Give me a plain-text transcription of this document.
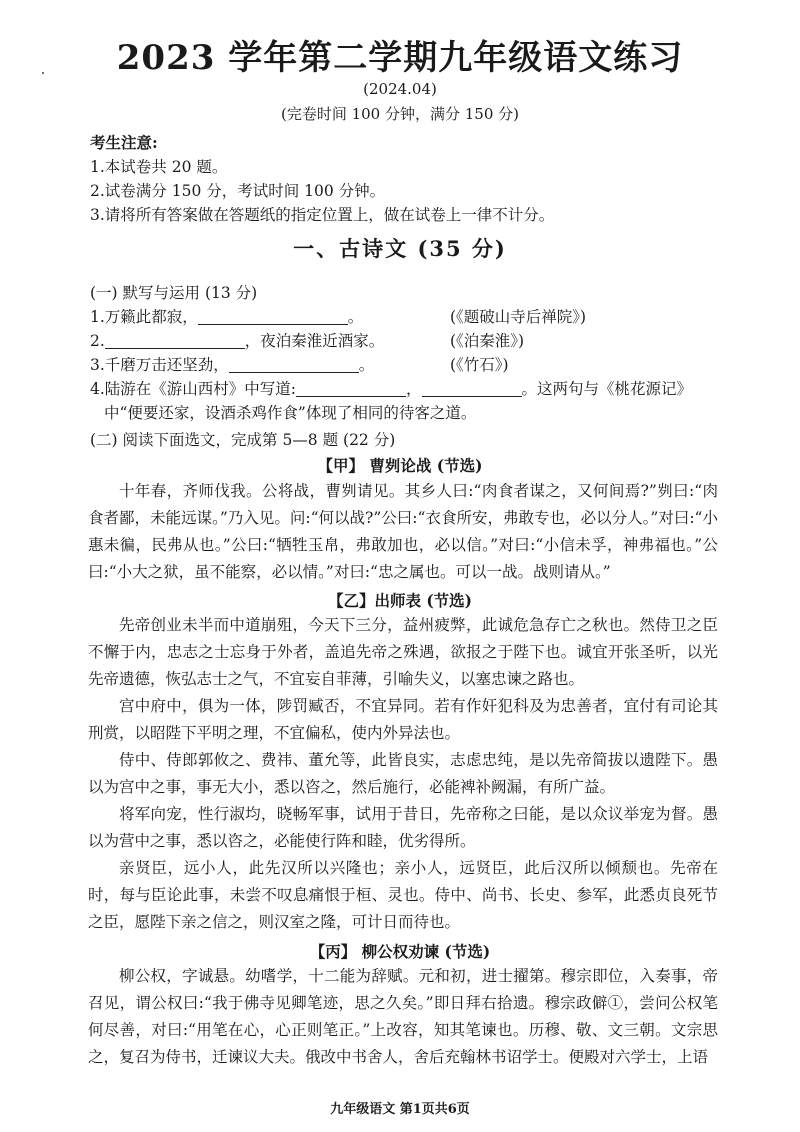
2023 学年第二学期九年级语文练习
(2024.04)
(完卷时间 100 分钟，满分 150 分)
考生注意:
1.本试卷共 20 题。
2.试卷满分 150 分，考试时间 100 分钟。
3.请将所有答案做在答题纸的指定位置上，做在试卷上一律不计分。
一、古诗文 (35 分)
(一) 默写与运用 (13 分)
1.万籁此都寂，	。	(《题破山寺后禅院》)
2.	，夜泊秦淮近酒家。	(《泊秦淮》)
3.千磨万击还坚劲，	。	(《竹石》)
4.陆游在《游山西村》中写道:	，	。这两句与《桃花源记》
中“便要还家，设酒杀鸡作食”体现了相同的待客之道。
(二) 阅读下面选文，完成第 5—8 题 (22 分)
【甲】 曹刿论战 (节选)
十年春，齐师伐我。公将战，曹刿请见。其乡人曰:“肉食者谋之，又何间焉?”刿曰:“肉食者鄙，未能远谋。”乃入见。问:“何以战?”公曰:“衣食所安，弗敢专也，必以分人。”对曰:“小惠未徧，民弗从也。”公曰:“牺牲玉帛，弗敢加也，必以信。”对曰:“小信未孚，神弗福也。”公曰:“小大之狱，虽不能察，必以情。”对曰:“忠之属也。可以一战。战则请从。”
【乙】出师表 (节选)
先帝创业未半而中道崩殂，今天下三分，益州疲弊，此诚危急存亡之秋也。然侍卫之臣不懈于内，忠志之士忘身于外者，盖追先帝之殊遇，欲报之于陛下也。诚宜开张圣听，以光先帝遗德，恢弘志士之气，不宜妄自菲薄，引喻失义，以塞忠谏之路也。
宫中府中，俱为一体，陟罚臧否，不宜异同。若有作奸犯科及为忠善者，宜付有司论其刑赏，以昭陛下平明之理，不宜偏私，使内外异法也。
侍中、侍郎郭攸之、费祎、董允等，此皆良实，志虑忠纯，是以先帝简拔以遗陛下。愚以为宫中之事，事无大小，悉以咨之，然后施行，必能裨补阙漏，有所广益。
将军向宠，性行淑均，晓畅军事，试用于昔日，先帝称之曰能，是以众议举宠为督。愚以为营中之事，悉以咨之，必能使行阵和睦，优劣得所。
亲贤臣，远小人，此先汉所以兴隆也；亲小人，远贤臣，此后汉所以倾颓也。先帝在时，每与臣论此事，未尝不叹息痛恨于桓、灵也。侍中、尚书、长史、参军，此悉贞良死节之臣，愿陛下亲之信之，则汉室之隆，可计日而待也。
【丙】 柳公权劝谏 (节选)
柳公权，字诚悬。幼嗜学，十二能为辞赋。元和初，进士擢第。穆宗即位，入奏事，帝召见，谓公权曰:“我于佛寺见卿笔迹，思之久矣。”即日拜右拾遗。穆宗政僻①，尝问公权笔何尽善，对曰:“用笔在心，心正则笔正。”上改容，知其笔谏也。历穆、敬、文三朝。文宗思之，复召为侍书，迁谏议大夫。俄改中书舍人，舍后充翰林书诏学士。便殿对六学士，上语
九年级语文 第1页共6页
